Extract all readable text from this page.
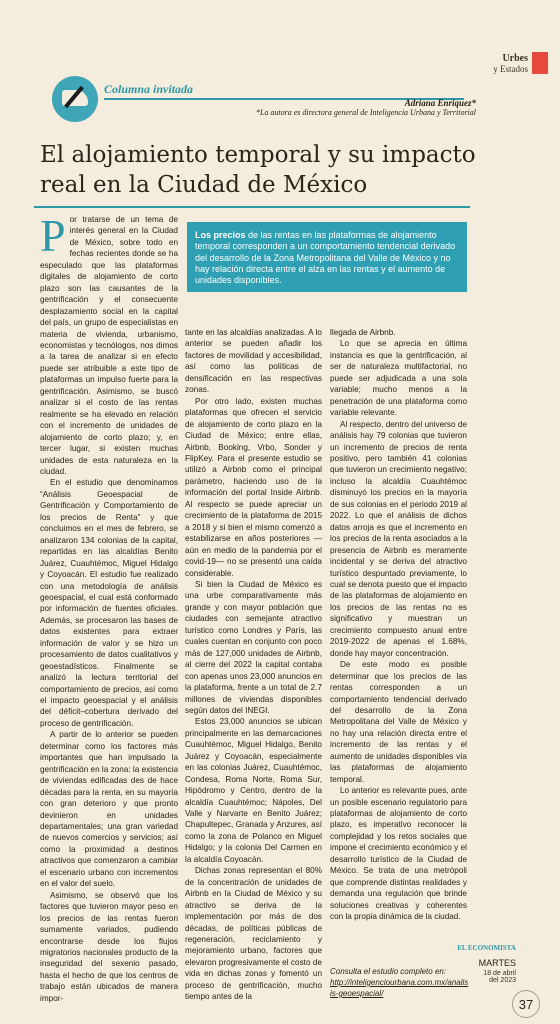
Urbes
y Estados
Columna invitada
Adriana Enriquez*
*La autora es directora general de Inteligencia Urbana y Territorial
El alojamiento temporal y su impacto real en la Ciudad de México
Los precios de las rentas en las plataformas de alojamiento temporal corresponden a un comportamiento tendencial derivado del desarrollo de la Zona Metropolitana del Valle de México y no hay relación directa entre el alza en las rentas y el aumento de unidades disponibles.
P or tratarse de un tema de interés general en la Ciudad de México, sobre todo en fechas recientes donde se ha especulado que las plataformas digitales de alojamiento de corto plazo son las causantes de la gentrificación y el consecuente desplazamiento social en la capital del país, un grupo de especialistas en materia de vivienda, urbanismo, economistas y tecnólogos, nos dimos a la tarea de analizar si en efecto puede ser atribuible a este tipo de plataformas un impulso fuerte para la gentrificación. Asimismo, se buscó analizar si el costo de las rentas realmente se ha elevado en relación con el incremento de unidades de alojamiento de corto plazo; y, en tercer lugar, si existen muchas unidades de esta naturaleza en la ciudad.

En el estudio que denominamos “Análisis Geoespacial de Gentrificación y Comportamiento de los precios de Renta” y que concluimos en el mes de febrero, se analizaron 134 colonias de la capital, repartidas en las alcaldías Benito Juárez, Cuauhtémoc, Miguel Hidalgo y Coyoacán. El estudio fue realizado con una metodología de análisis geoespacial, el cual está conformado por información de fuentes oficiales. Además, se procesaron las bases de datos existentes para extraer información de valor y se hizo un procesamiento de datos cualitativos y geoestadísticos. Finalmente se analizó la lectura territorial del comportamiento de precios, así como el impacto geoespacial y el análisis del déficit–cobertura derivado del proceso de gentrificación.

A partir de lo anterior se pueden determinar como los factores más importantes que han impulsado la gentrificación en la zona: la existencia de viviendas edificadas des de hace décadas para la renta, en su mayoría con gran deterioro y que pronto devinieron en unidades departamentales; una gran variedad de nuevos comercios y servicios; así como la proximidad a destinos atractivos que comenzaron a cambiar el escenario urbano con incrementos en el valor del suelo.

Asimismo, se observó que los factores que tuvieron mayor peso en los precios de las rentas fueron sumamente variados, pudiendo encontrarse desde los flujos migratorios nacionales producto de la inseguridad del sexenio pasado, hasta el hecho de que los centros de trabajo están ubicados de manera impor-

tante en las alcaldías analizadas. A lo anterior se pueden añadir los factores de movilidad y accesibilidad, así como las políticas de densificación en las respectivas zonas.

Por otro lado, existen muchas plataformas que ofrecen el servicio de alojamiento de corto plazo en la Ciudad de México; entre ellas, Airbnb, Booking, Vrbo, Sonder y FlipKey. Para el presente estudio se utilizó a Airbnb como el principal parámetro, haciendo uso de la información del portal Inside Airbnb. Al respecto se puede apreciar un crecimiento de la plataforma de 2015 a 2018 y si bien el mismo comenzó a estabilizarse en años posteriores —aún en medio de la pandemia por el covid-19— no se presentó una caída considerable.

Si bien la Ciudad de México es una urbe comparativamente más grande y con mayor población que ciudades con semejante atractivo turístico como Londres y París, las cuales cuentan en conjunto con poco más de 127,000 unidades de Airbnb, al cierre del 2022 la capital contaba con apenas unos 23,000 anuncios en la plataforma, frente a un total de 2.7 millones de viviendas disponibles según datos del INEGI.

Estos 23,000 anuncios se ubican principalmente en las demarcaciones Cuauhtémoc, Miguel Hidalgo, Benito Juárez y Coyoacán, especialmente en las colonias Juárez, Cuauhtémoc, Condesa, Roma Norte, Roma Sur, Hipódromo y Centro, dentro de la alcaldía Cuauhtémoc; Nápoles, Del Valle y Narvarte en Benito Juárez; Chapultepec, Granada y Anzures, así como la zona de Polanco en Miguel Hidalgo; y la colonia Del Carmen en la alcaldía Coyoacán.

Dichas zonas representan el 80% de la concentración de unidades de Airbnb en la Ciudad de México y su atractivo se deriva de la implementación por más de dos décadas, de políticas públicas de regeneración, reciclamiento y mejoramiento urbano, factores que elevaron progresivamente el costo de vida en dichas zonas y fomentó un proceso de gentrificación, mucho tiempo antes de la

llegada de Airbnb.

Lo que se aprecia en última instancia es que la gentrificación, al ser de naturaleza multifactorial, no puede ser adjudicada a una sola variable; mucho menos a la penetración de una plataforma como variable relevante.

Al respecto, dentro del universo de análisis hay 79 colonias que tuvieron un incremento de precios de renta positivo, pero también 41 colonias que tuvieron un crecimiento negativo; incluso la alcaldía Cuauhtémoc disminuyó los precios en la mayoría de sus colonias en el periodo 2019 al 2022. Lo que el análisis de dichos datos arroja es que el incremento en los precios de la renta asociados a la presencia de Airbnb es meramente incidental y se deriva del atractivo turístico despuntado previamente, lo cual se denota puesto que el impacto de las plataformas de alojamiento en los precios de las rentas no es significativo y muestran un crecimiento compuesto anual entre 2019-2022 de apenas el 1.68%, donde hay mayor concentración.

De este modo es posible determinar que los precios de las rentas corresponden a un comportamiento tendencial derivado del desarrollo de la Zona Metropolitana del Valle de México y no hay una relación directa entre el incremento de las rentas y el aumento de unidades disponibles vía las plataformas de alojamiento temporal.

Lo anterior es relevante pues, ante un posible escenario regulatorio para plataformas de alojamiento de corto plazo, es imperativo reconocer la complejidad y los retos sociales que impone el crecimiento económico y el desarrollo turístico de la Ciudad de México. Se trata de una metrópoli que comprende distintas realidades y demanda una regulación que brinde soluciones creativas y coherentes con la propia dinámica de la ciudad.

Consulta el estudio completo en:
http://inteligenciourbana.com.mx/analisis-geoespacial/
EL ECONOMISTA
MARTES
18 de abril
del 2023
37
